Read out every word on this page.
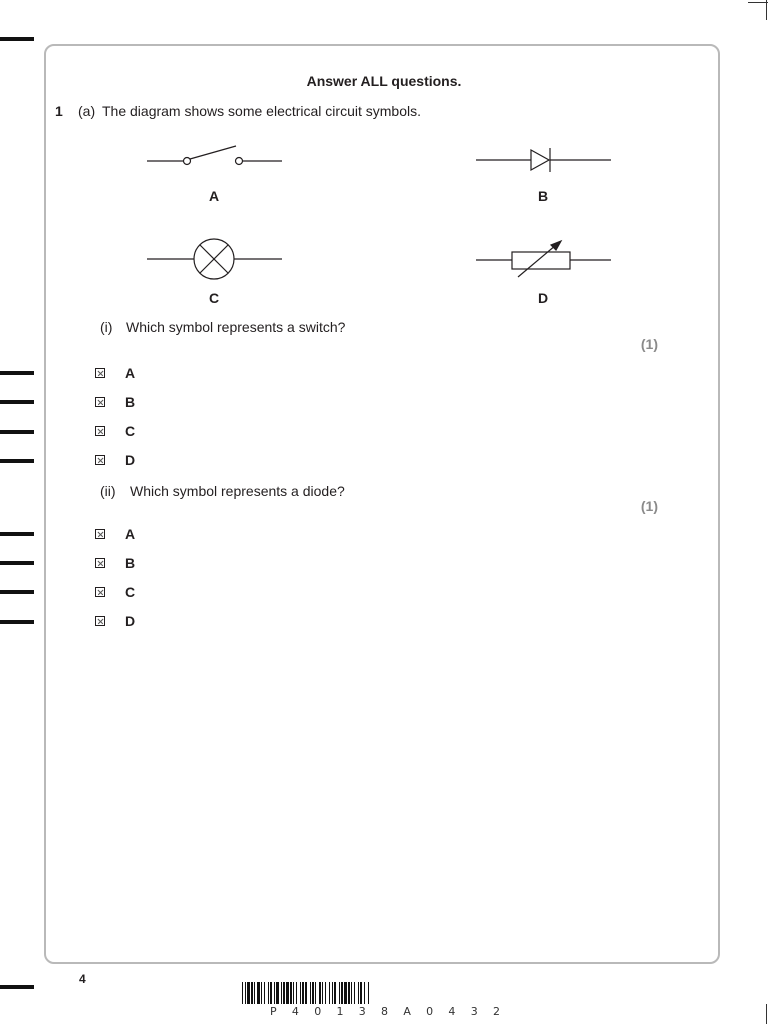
Answer ALL questions.
1 (a) The diagram shows some electrical circuit symbols.
A	B
C	D
(i) Which symbol represents a switch?
(1)
A
B
C
D
(ii) Which symbol represents a diode?
(1)
A
B
C
D
4
P 4 0 1 3 8 A 0 4 3 2
